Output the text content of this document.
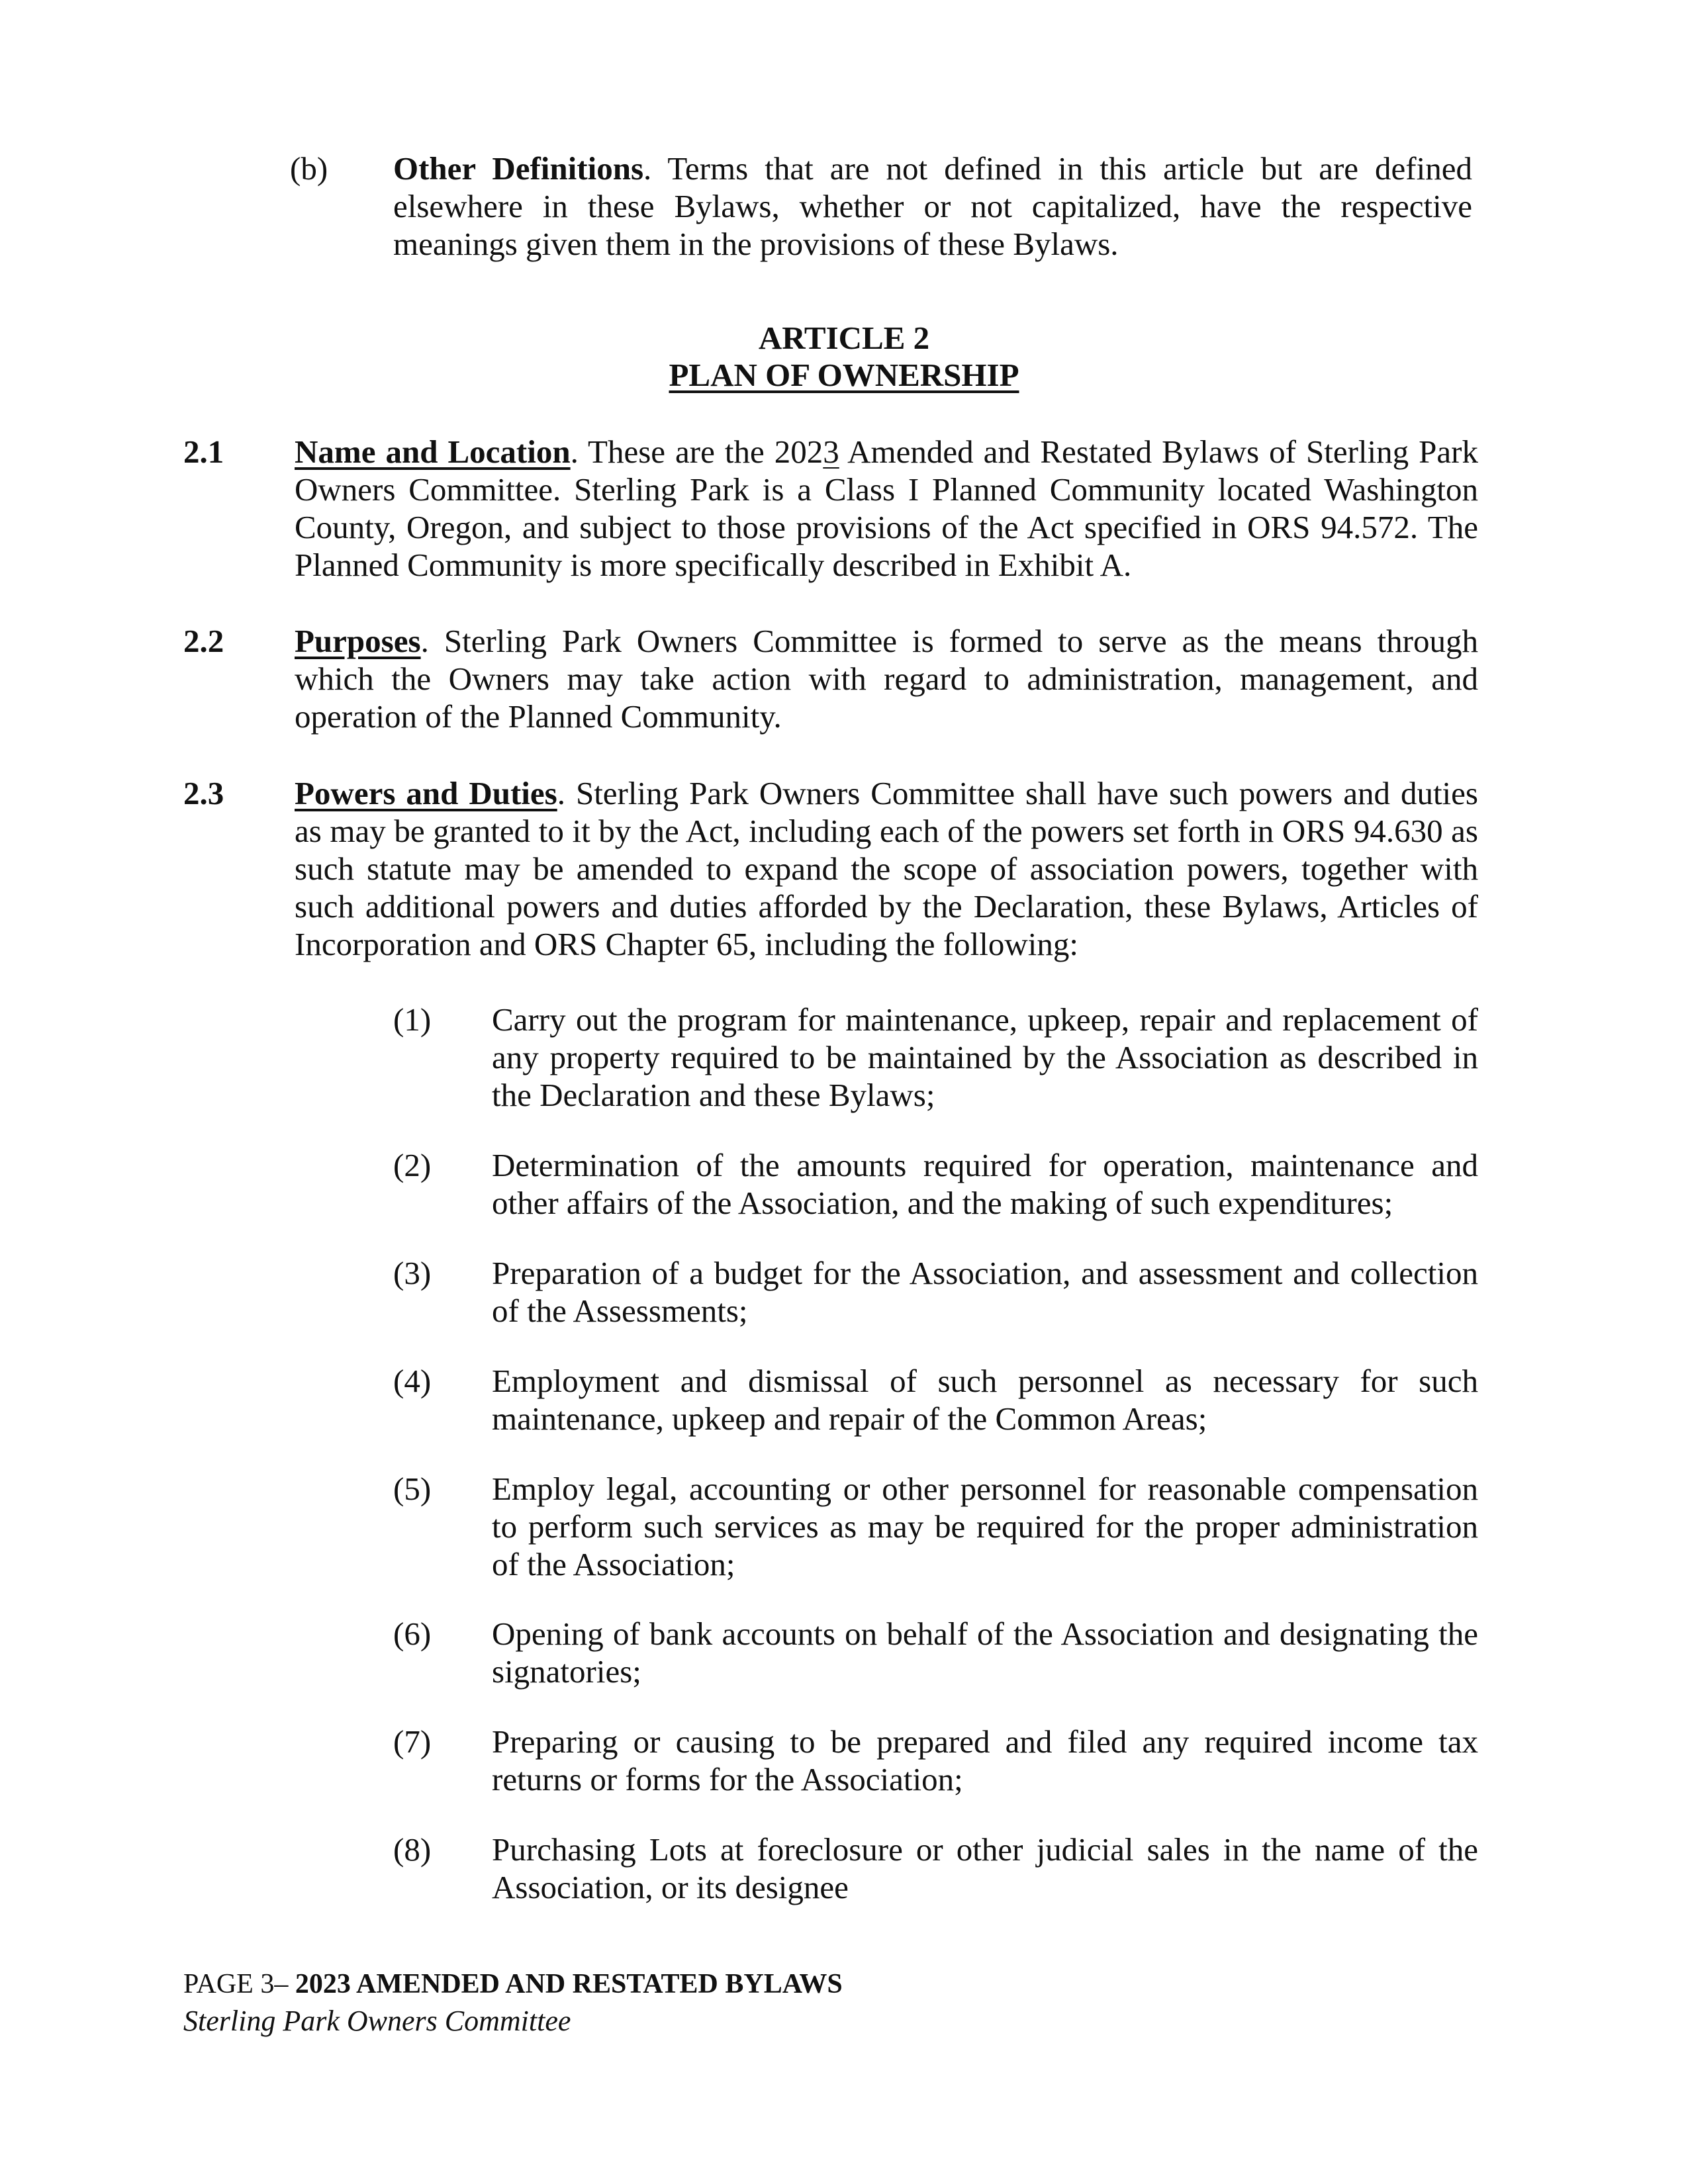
(b) Other Definitions. Terms that are not defined in this article but are defined elsewhere in these Bylaws, whether or not capitalized, have the respective meanings given them in the provisions of these Bylaws.
ARTICLE 2
PLAN OF OWNERSHIP
2.1 Name and Location. These are the 2023 Amended and Restated Bylaws of Sterling Park Owners Committee. Sterling Park is a Class I Planned Community located Washington County, Oregon, and subject to those provisions of the Act specified in ORS 94.572. The Planned Community is more specifically described in Exhibit A.
2.2 Purposes. Sterling Park Owners Committee is formed to serve as the means through which the Owners may take action with regard to administration, management, and operation of the Planned Community.
2.3 Powers and Duties. Sterling Park Owners Committee shall have such powers and duties as may be granted to it by the Act, including each of the powers set forth in ORS 94.630 as such statute may be amended to expand the scope of association powers, together with such additional powers and duties afforded by the Declaration, these Bylaws, Articles of Incorporation and ORS Chapter 65, including the following:
(1) Carry out the program for maintenance, upkeep, repair and replacement of any property required to be maintained by the Association as described in the Declaration and these Bylaws;
(2) Determination of the amounts required for operation, maintenance and other affairs of the Association, and the making of such expenditures;
(3) Preparation of a budget for the Association, and assessment and collection of the Assessments;
(4) Employment and dismissal of such personnel as necessary for such maintenance, upkeep and repair of the Common Areas;
(5) Employ legal, accounting or other personnel for reasonable compensation to perform such services as may be required for the proper administration of the Association;
(6) Opening of bank accounts on behalf of the Association and designating the signatories;
(7) Preparing or causing to be prepared and filed any required income tax returns or forms for the Association;
(8) Purchasing Lots at foreclosure or other judicial sales in the name of the Association, or its designee
PAGE 3– 2023 AMENDED AND RESTATED BYLAWS
Sterling Park Owners Committee
